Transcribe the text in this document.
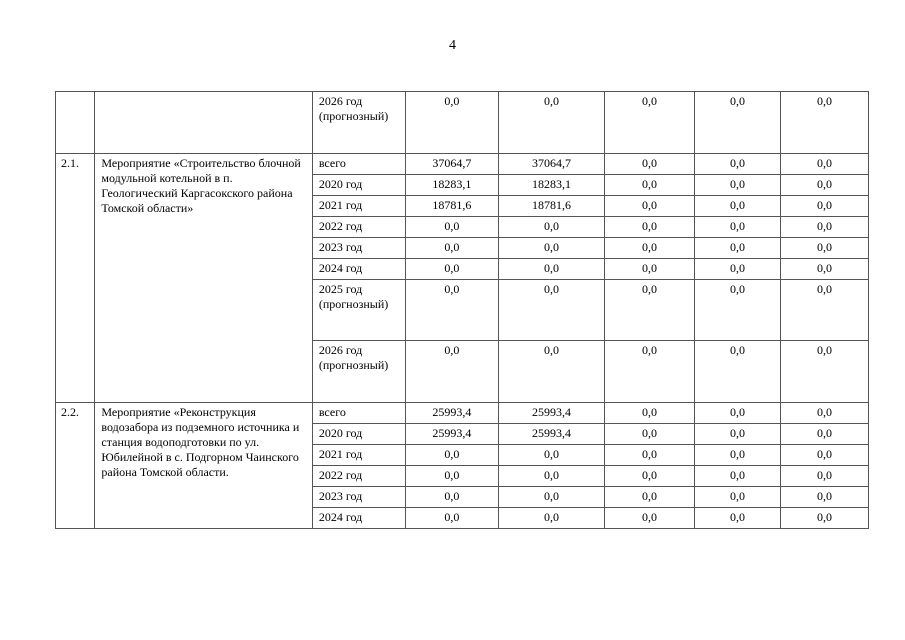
4
		2026 год (прогнозный)	0,0	0,0	0,0	0,0	0,0
2.1.	Мероприятие «Строительство блочной модульной котельной в п. Геологический Каргасокского района Томской области»	всего	37064,7	37064,7	0,0	0,0	0,0
		2020 год	18283,1	18283,1	0,0	0,0	0,0
		2021 год	18781,6	18781,6	0,0	0,0	0,0
		2022 год	0,0	0,0	0,0	0,0	0,0
		2023 год	0,0	0,0	0,0	0,0	0,0
		2024 год	0,0	0,0	0,0	0,0	0,0
		2025 год (прогнозный)	0,0	0,0	0,0	0,0	0,0
		2026 год (прогнозный)	0,0	0,0	0,0	0,0	0,0
2.2.	Мероприятие «Реконструкция водозабора из подземного источника и станция водоподготовки по ул. Юбилейной в с. Подгорном Чаинского района Томской области.	всего	25993,4	25993,4	0,0	0,0	0,0
		2020 год	25993,4	25993,4	0,0	0,0	0,0
		2021 год	0,0	0,0	0,0	0,0	0,0
		2022 год	0,0	0,0	0,0	0,0	0,0
		2023 год	0,0	0,0	0,0	0,0	0,0
		2024 год	0,0	0,0	0,0	0,0	0,0
